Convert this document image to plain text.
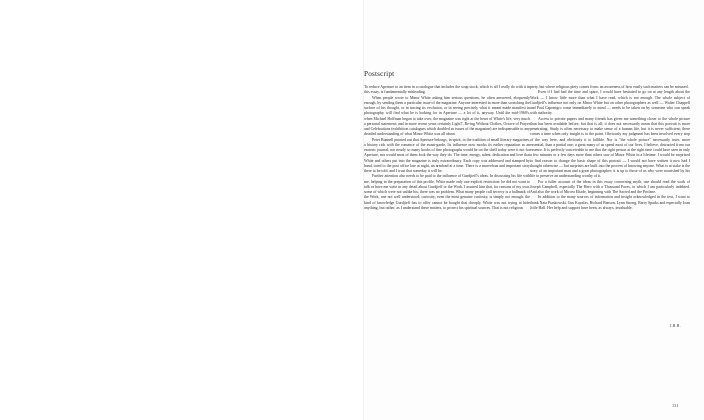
Postscript

To reduce Aperture to an item in a catalogue that includes the soup stock, which is all I really do with it in this essay, is fundamentally misleading.

When people wrote to Minor White asking him serious questions, he often answered, eloquently enough, by sending them a particular issue of the magazine. Anyone interested in more than scratching the surface of his thought, or in tracing its evolution, or in seeing precisely what it meant made manifest in photography, will find what he is looking for in Aperture — a lot of it, anyway. Until the mid-1960's, when Michael Hoffman began to take over, the magazine was right at the heart of White's life, very much a personal statement; and in more recent years certainly Light7, Be-ing Without Clothes, Octave of Prayer and Celebrations (exhibition catalogues which doubled as issues of the magazine) are indispensable to any detailed understanding of what Minor White was all about.

Peter Bunnell pointed out that Aperture belongs, in spirit, to the tradition of small literary magazines, a history rich with the romance of the avant-garde. Its influence now mocks its earlier reputation as an esoteric journal; not nearly so many books of fine photographs would be on the shelf today were it not for Aperture, nor would most of them look the way they do. The time, energy, talent, dedication and love that White and others put into the magazine is truly extraordinary. Each copy was addressed and stamped by hand, toted to the post office late at night, an armload at a time. There is a marvelous and important story there to be told, and I trust that someday it will be.

Further attention also needs to be paid to the influence of Gurdjieff's ideas. In discussing his life with me, helping in the preparation of this profile, White made only one explicit restriction: he did not want to talk or have me write in any detail about Gurdjieff or the Work. I assured him that, for reasons of my own, some of which were not unlike his, there was no problem. What many people call secrecy is a hallmark of the Work, one not well understood; curiosity, even the most genuine curiosity, is simply not enough: the kind of knowledge Gurdjieff has to offer cannot be bought that cheaply. White was not trying to hide anything, but rather, as I understand these matters, to protect his spiritual sources. That is not religious

piety, but where religious piety comes from: an awareness of how easily such matters can be misused.

Even if I had had the time and space, I would have hesitated to go on at any length about the Work — I know little more than what I have read, which is not enough. The whole subject of Gurdjieff's influence not only on Minor White but on other photographers as well — Walter Chappell and Paul Caponigro come immediately to mind — needs to be taken on by someone who can speak with authority.

Access to private papers and many friends has given me something closer to the whole picture than has been available before, but that is all; it does not necessarily mean that this portrait is more penetrating. Study is often necessary to make sense of a human life, but it is never sufficient; there comes a time when only insight is to the point. Obviously my judgment has been involved every step of the way here, and obviously it is fallible. Nor is "the whole picture" necessarily truer, more essential, than a partial one; a great many of us spend most of our lives, I believe, distracted from our essence. It is perfectly conceivable to me that the right person at the right time could have seen in only a few minutes or a few days more than others saw of Minor White in a lifetime. I would be surprised to find reason to change the basic shape of this portrait — I would not have written it now had I thought otherwise — but surprises are built into the process of knowing anyone. What is at stake is the story of an important man and a great photographer; it is up to those of us who were nourished by his life to preserve an understanding worthy of it.

For a fuller account of the ideas in this essay concerning myth, one should read the work of Joseph Campbell, especially The Hero with a Thousand Faces, to which I am particularly indebted. And also the work of Mircea Eliade, beginning with The Sacred and the Profane.

In addition to the many sources of information and insight acknowledged in the text, I want to thank Nata Piaskowski, Gus Kayafas, Richard Benson, Lynn Strong, Barry Sparks and especially Joan Jolfe Hall. Her help and support have been, as always, invaluable.

J.B.H.
131
